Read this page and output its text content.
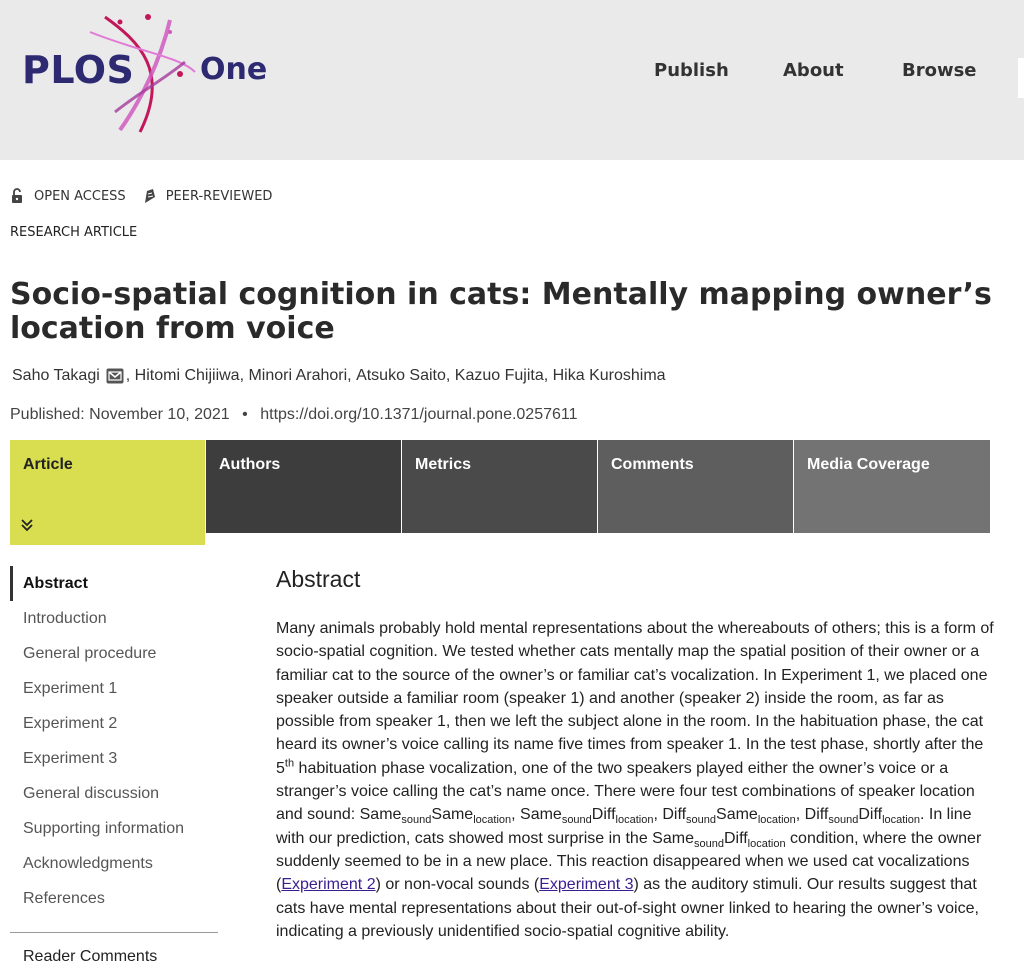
PLOS One	Publish	About	Browse
OPEN ACCESS	PEER-REVIEWED
RESEARCH ARTICLE
Socio-spatial cognition in cats: Mentally mapping owner’s location from voice
Saho Takagi , Hitomi Chijiiwa , Minori Arahori , Atsuko Saito , Kazuo Fujita , Hika Kuroshima
Published: November 10, 2021 • https://doi.org/10.1371/journal.pone.0257611
Article	Authors	Metrics	Comments	Media Coverage
Abstract
Introduction
General procedure
Experiment 1
Experiment 2
Experiment 3
General discussion
Supporting information
Acknowledgments
References
Reader Comments
Abstract

Many animals probably hold mental representations about the whereabouts of others; this is a form of socio-spatial cognition. We tested whether cats mentally map the spatial position of their owner or a familiar cat to the source of the owner’s or familiar cat’s vocalization. In Experiment 1, we placed one speaker outside a familiar room (speaker 1) and another (speaker 2) inside the room, as far as possible from speaker 1, then we left the subject alone in the room. In the habituation phase, the cat heard its owner’s voice calling its name five times from speaker 1. In the test phase, shortly after the 5th habituation phase vocalization, one of the two speakers played either the owner’s voice or a stranger’s voice calling the cat’s name once. There were four test combinations of speaker location and sound: Same$_{sound}$Same$_{location}$, Same$_{sound}$Diff$_{location}$, Diff$_{sound}$Same$_{location}$, Diff$_{sound}$Diff$_{location}$. In line with our prediction, cats showed most surprise in the Same$_{sound}$Diff$_{location}$ condition, where the owner suddenly seemed to be in a new place. This reaction disappeared when we used cat vocalizations (Experiment 2) or non-vocal sounds (Experiment 3) as the auditory stimuli. Our results suggest that cats have mental representations about their out-of-sight owner linked to hearing the owner’s voice, indicating a previously unidentified socio-spatial cognitive ability.
